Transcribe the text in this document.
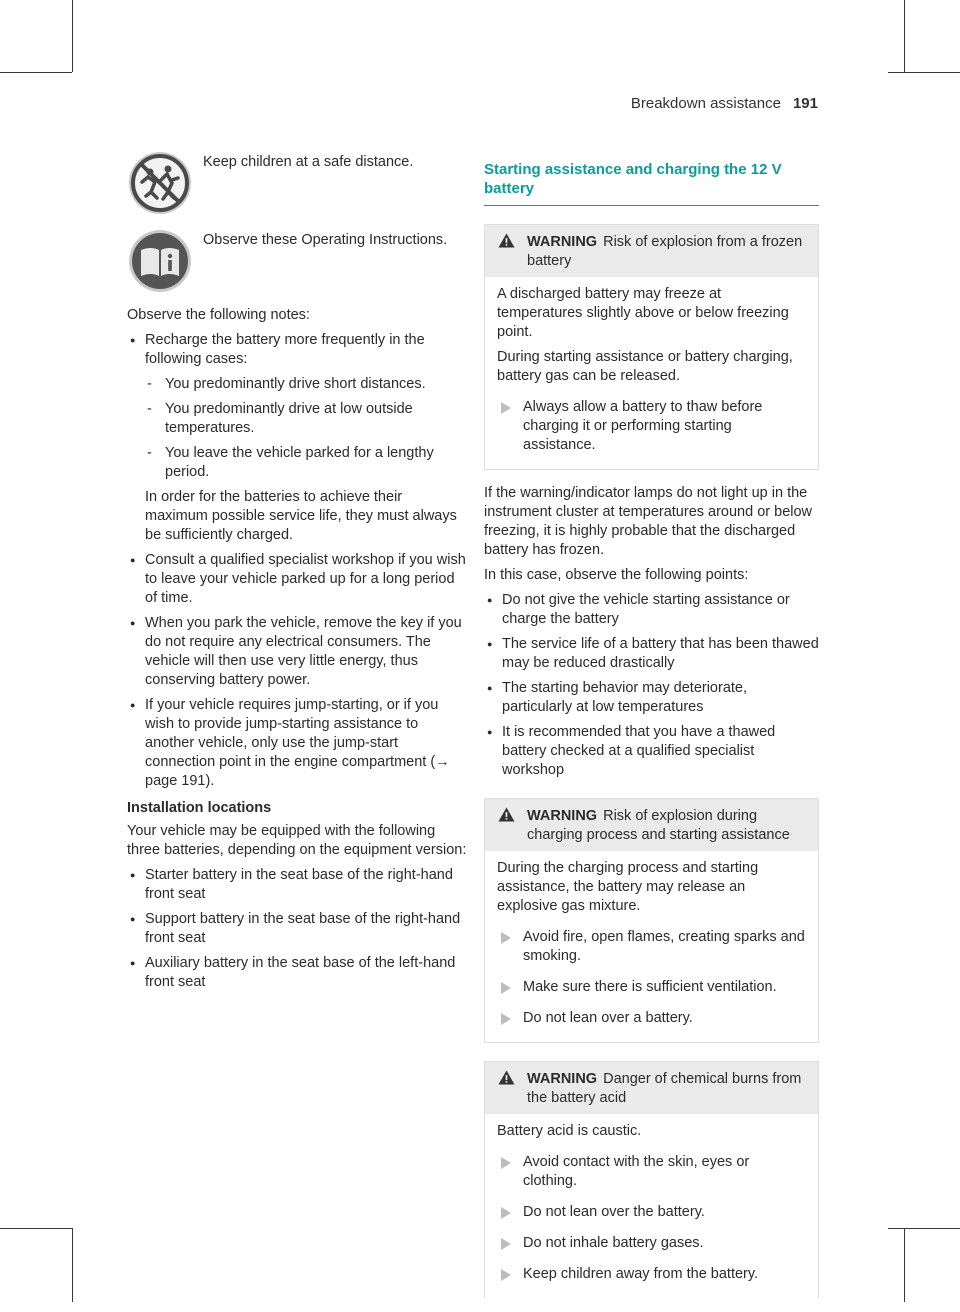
Breakdown assistance 191
Keep children at a safe distance.
Observe these Operating Instructions.

Observe the following notes:

● Recharge the battery more frequently in the following cases:
- You predominantly drive short distances.
- You predominantly drive at low outside temperatures.
- You leave the vehicle parked for a lengthy period.

In order for the batteries to achieve their maximum possible service life, they must always be sufficiently charged.

● Consult a qualified specialist workshop if you wish to leave your vehicle parked up for a long period of time.
● When you park the vehicle, remove the key if you do not require any electrical consumers. The vehicle will then use very little energy, thus conserving battery power.
● If your vehicle requires jump-starting, or if you wish to provide jump-starting assistance to another vehicle, only use the jump-start connection point in the engine compartment (→ page 191).
Installation locations

Your vehicle may be equipped with the following three batteries, depending on the equipment version:

● Starter battery in the seat base of the right-hand front seat
● Support battery in the seat base of the right-hand front seat
● Auxiliary battery in the seat base of the left-hand front seat
Starting assistance and charging the 12 V battery
WARNING Risk of explosion from a frozen battery

A discharged battery may freeze at temperatures slightly above or below freezing point.

During starting assistance or battery charging, battery gas can be released.

Always allow a battery to thaw before charging it or performing starting assistance.

If the warning/indicator lamps do not light up in the instrument cluster at temperatures around or below freezing, it is highly probable that the discharged battery has frozen.

In this case, observe the following points:

● Do not give the vehicle starting assistance or charge the battery
● The service life of a battery that has been thawed may be reduced drastically
● The starting behavior may deteriorate, particularly at low temperatures
● It is recommended that you have a thawed battery checked at a qualified specialist workshop
WARNING Risk of explosion during charging process and starting assistance

During the charging process and starting assistance, the battery may release an explosive gas mixture.

Avoid fire, open flames, creating sparks and smoking.
Make sure there is sufficient ventilation.
Do not lean over a battery.
WARNING Danger of chemical burns from the battery acid

Battery acid is caustic.

Avoid contact with the skin, eyes or clothing.
Do not lean over the battery.
Do not inhale battery gases.
Keep children away from the battery.
